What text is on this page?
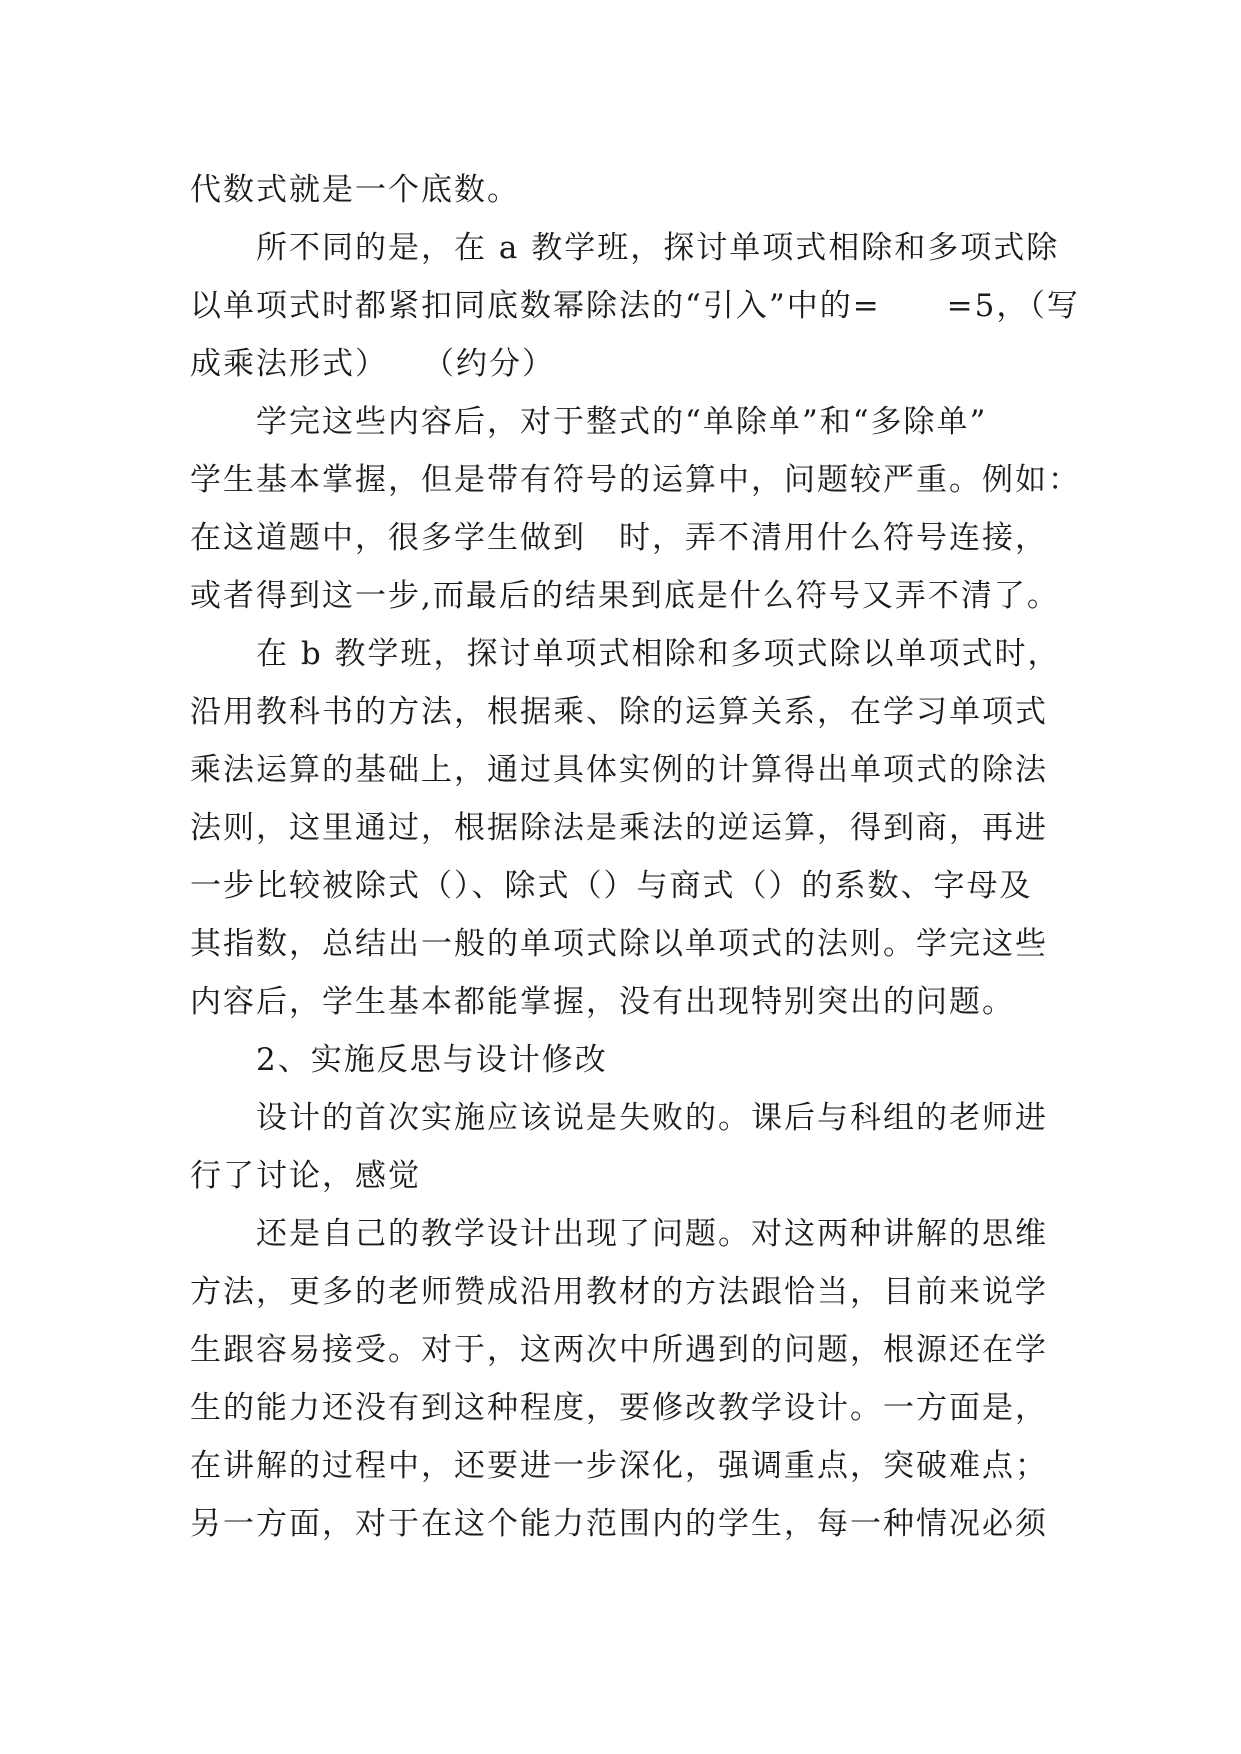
代数式就是一个底数。
所不同的是，在 a 教学班，探讨单项式相除和多项式除
以单项式时都紧扣同底数幂除法的“引入”中的=　　=5，（写
成乘法形式）　　（约分）
学完这些内容后，对于整式的“单除单”和“多除单”
学生基本掌握，但是带有符号的运算中，问题较严重。例如：
在这道题中，很多学生做到　时，弄不清用什么符号连接，
或者得到这一步,而最后的结果到底是什么符号又弄不清了。
在 b 教学班，探讨单项式相除和多项式除以单项式时，
沿用教科书的方法，根据乘、除的运算关系，在学习单项式
乘法运算的基础上，通过具体实例的计算得出单项式的除法
法则，这里通过，根据除法是乘法的逆运算，得到商，再进
一步比较被除式（）、除式（）与商式（）的系数、字母及
其指数，总结出一般的单项式除以单项式的法则。学完这些
内容后，学生基本都能掌握，没有出现特别突出的问题。
2、实施反思与设计修改
设计的首次实施应该说是失败的。课后与科组的老师进
行了讨论，感觉
还是自己的教学设计出现了问题。对这两种讲解的思维
方法，更多的老师赞成沿用教材的方法跟恰当，目前来说学
生跟容易接受。对于，这两次中所遇到的问题，根源还在学
生的能力还没有到这种程度，要修改教学设计。一方面是，
在讲解的过程中，还要进一步深化，强调重点，突破难点；
另一方面，对于在这个能力范围内的学生，每一种情况必须
